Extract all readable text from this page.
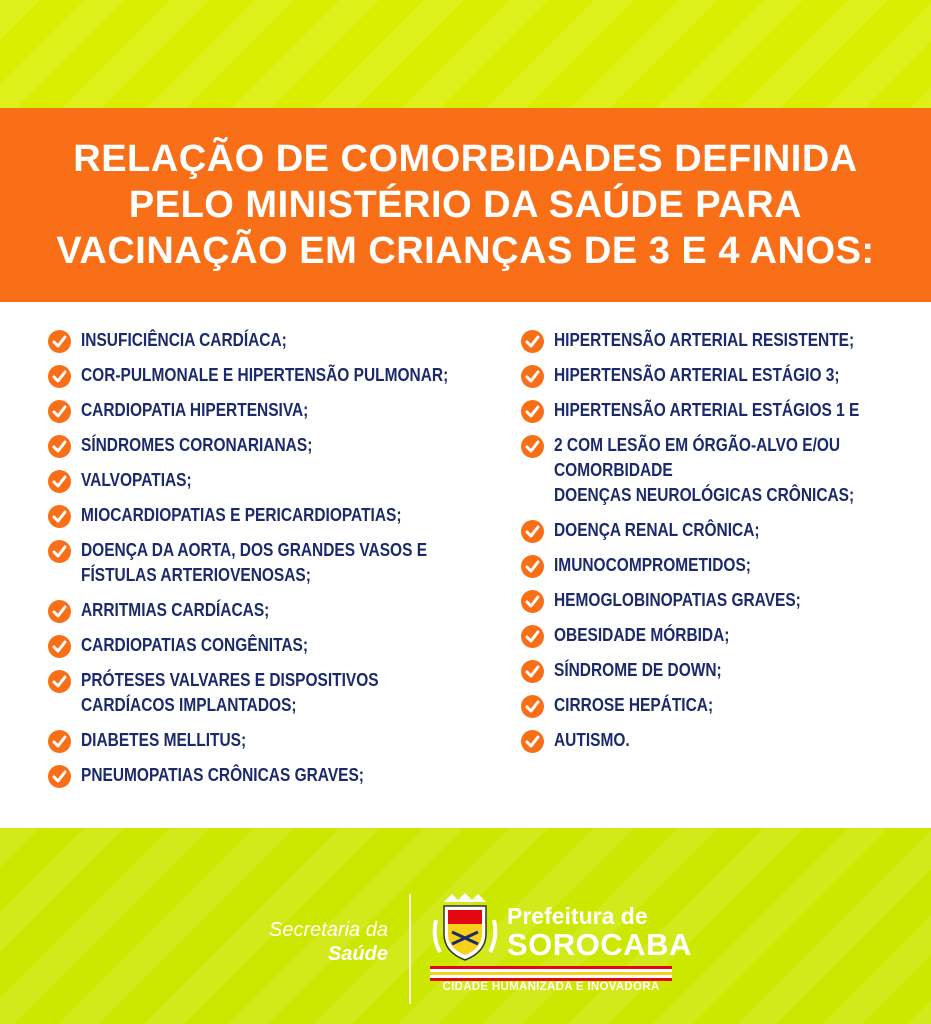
RELAÇÃO DE COMORBIDADES DEFINIDA
PELO MINISTÉRIO DA SAÚDE PARA
VACINAÇÃO EM CRIANÇAS DE 3 E 4 ANOS:
INSUFICIÊNCIA CARDÍACA;
COR-PULMONALE E HIPERTENSÃO PULMONAR;
CARDIOPATIA HIPERTENSIVA;
SÍNDROMES CORONARIANAS;
VALVOPATIAS;
MIOCARDIOPATIAS E PERICARDIOPATIAS;
DOENÇA DA AORTA, DOS GRANDES VASOS E
FÍSTULAS ARTERIOVENOSAS;
ARRITMIAS CARDÍACAS;
CARDIOPATIAS CONGÊNITAS;
PRÓTESES VALVARES E DISPOSITIVOS
CARDÍACOS IMPLANTADOS;
DIABETES MELLITUS;
PNEUMOPATIAS CRÔNICAS GRAVES;
HIPERTENSÃO ARTERIAL RESISTENTE;
HIPERTENSÃO ARTERIAL ESTÁGIO 3;
HIPERTENSÃO ARTERIAL ESTÁGIOS 1 E
2 COM LESÃO EM ÓRGÃO-ALVO E/OU
COMORBIDADE
DOENÇAS NEUROLÓGICAS CRÔNICAS;
DOENÇA RENAL CRÔNICA;
IMUNOCOMPROMETIDOS;
HEMOGLOBINOPATIAS GRAVES;
OBESIDADE MÓRBIDA;
SÍNDROME DE DOWN;
CIRROSE HEPÁTICA;
AUTISMO.
Secretaria da
Saúde
Prefeitura de
SOROCABA
CIDADE HUMANIZADA E INOVADORA
